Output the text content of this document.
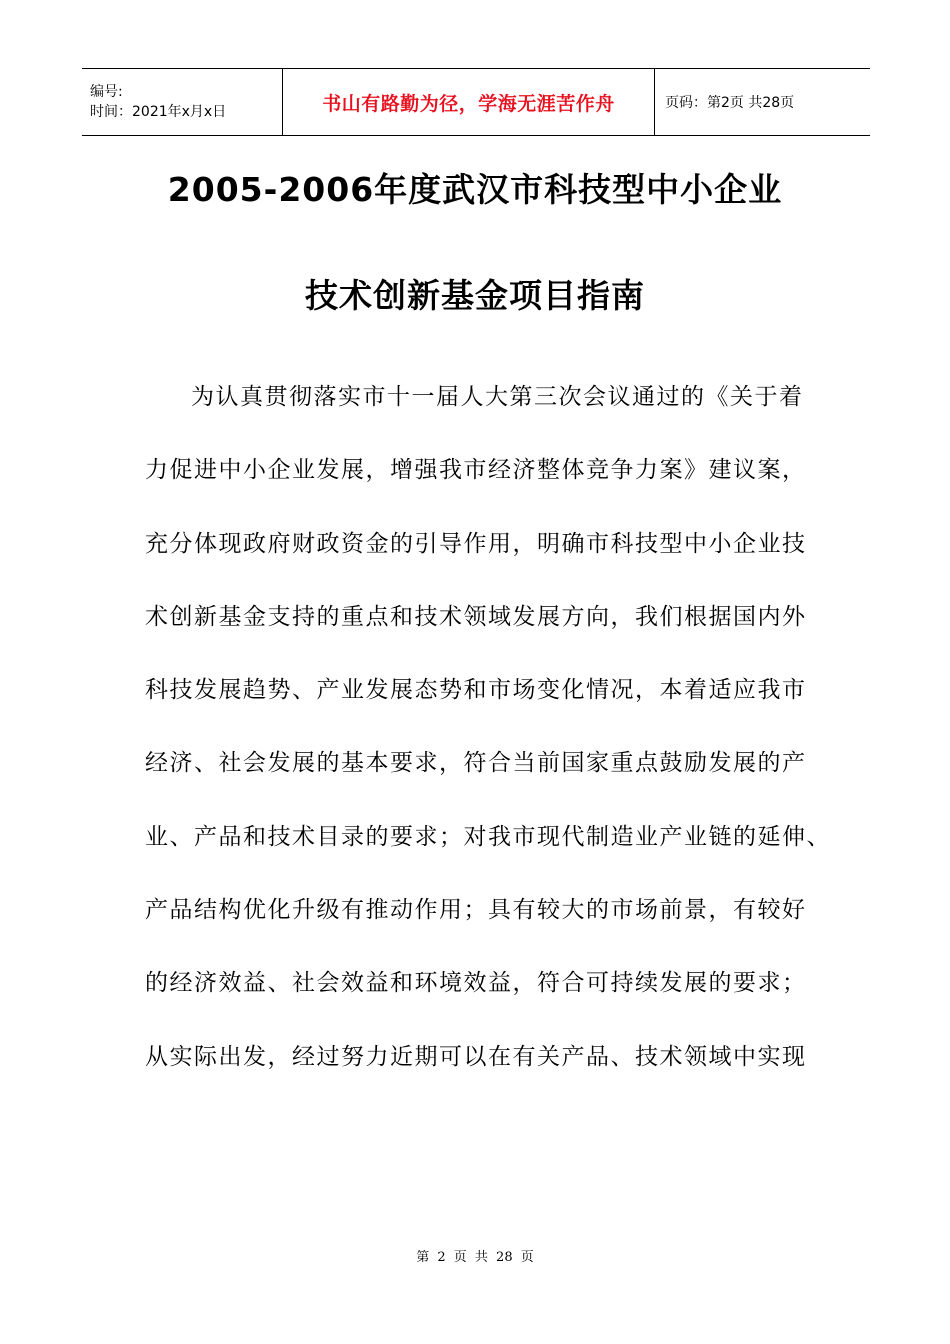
编号:
时间：2021年x月x日	书山有路勤为径，学海无涯苦作舟	页码：第2页 共28页
2005-2006年度武汉市科技型中小企业
技术创新基金项目指南
为认真贯彻落实市十一届人大第三次会议通过的《关于着
力促进中小企业发展，增强我市经济整体竞争力案》建议案，
充分体现政府财政资金的引导作用，明确市科技型中小企业技
术创新基金支持的重点和技术领域发展方向，我们根据国内外
科技发展趋势、产业发展态势和市场变化情况，本着适应我市
经济、社会发展的基本要求，符合当前国家重点鼓励发展的产
业、产品和技术目录的要求；对我市现代制造业产业链的延伸、
产品结构优化升级有推动作用；具有较大的市场前景，有较好
的经济效益、社会效益和环境效益，符合可持续发展的要求；
从实际出发，经过努力近期可以在有关产品、技术领域中实现
第 2 页 共 28 页
